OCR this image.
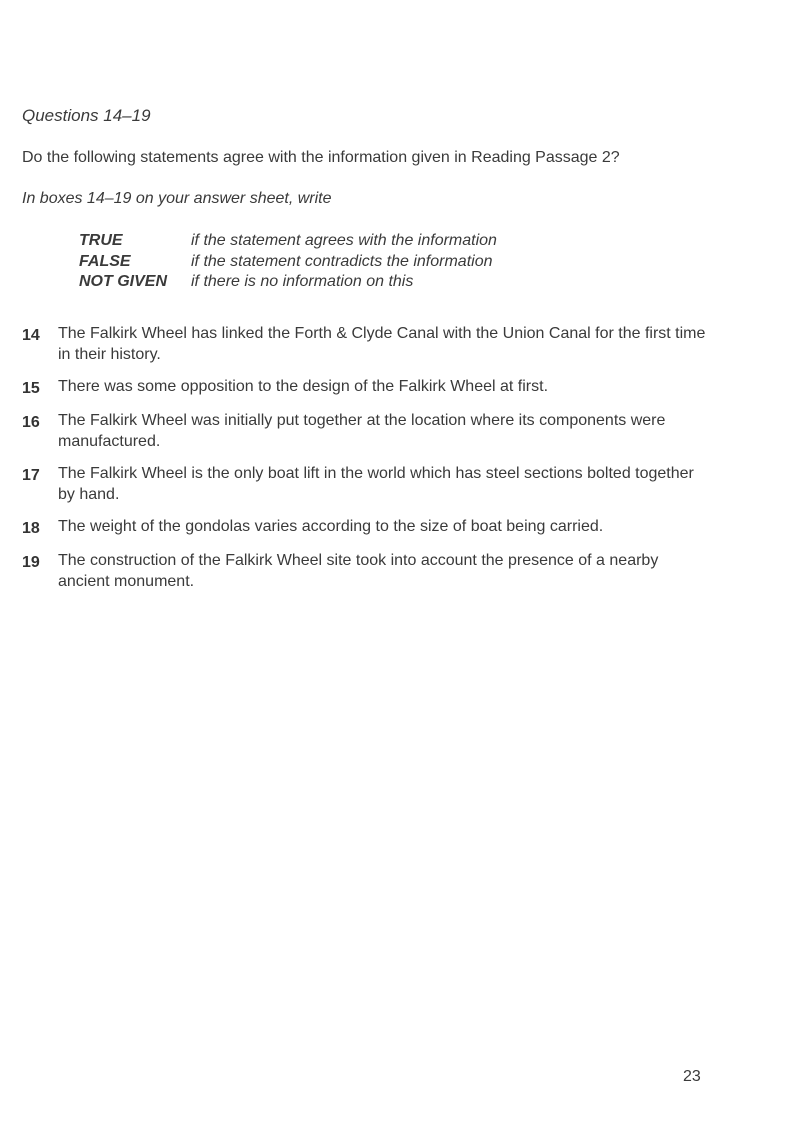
Questions 14–19
Do the following statements agree with the information given in Reading Passage 2?
In boxes 14–19 on your answer sheet, write
TRUE	if the statement agrees with the information
FALSE	if the statement contradicts the information
NOT GIVEN	if there is no information on this
14	The Falkirk Wheel has linked the Forth & Clyde Canal with the Union Canal for the first time in their history.
15	There was some opposition to the design of the Falkirk Wheel at first.
16	The Falkirk Wheel was initially put together at the location where its components were manufactured.
17	The Falkirk Wheel is the only boat lift in the world which has steel sections bolted together by hand.
18	The weight of the gondolas varies according to the size of boat being carried.
19	The construction of the Falkirk Wheel site took into account the presence of a nearby ancient monument.
23
